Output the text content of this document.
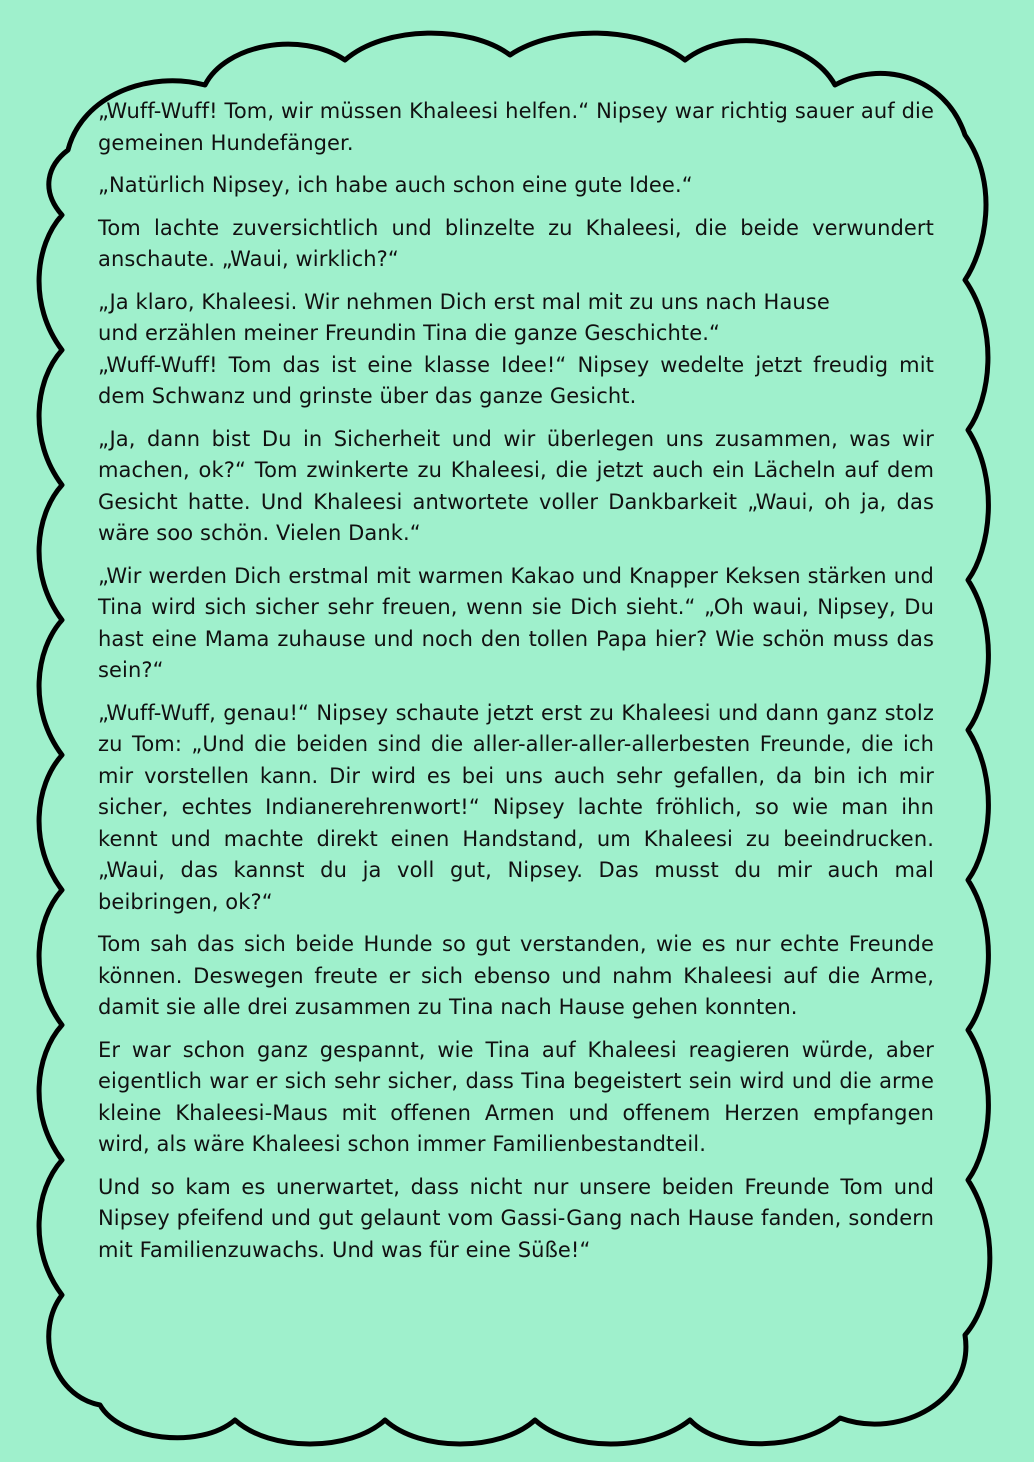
„Wuff-Wuff! Tom, wir müssen Khaleesi helfen.“ Nipsey war richtig sauer auf die gemeinen Hundefänger.

„Natürlich Nipsey, ich habe auch schon eine gute Idee.“

Tom lachte zuversichtlich und blinzelte zu Khaleesi, die beide verwundert anschaute. „Waui, wirklich?“

„Ja klaro, Khaleesi. Wir nehmen Dich erst mal mit zu uns nach Hause
und erzählen meiner Freundin Tina die ganze Geschichte.“
„Wuff-Wuff! Tom das ist eine klasse Idee!“ Nipsey wedelte jetzt freudig mit dem Schwanz und grinste über das ganze Gesicht.

„Ja, dann bist Du in Sicherheit und wir überlegen uns zusammen, was wir machen, ok?“ Tom zwinkerte zu Khaleesi, die jetzt auch ein Lächeln auf dem Gesicht hatte. Und Khaleesi antwortete voller Dankbarkeit „Waui, oh ja, das wäre soo schön. Vielen Dank.“

„Wir werden Dich erstmal mit warmen Kakao und Knapper Keksen stärken und Tina wird sich sicher sehr freuen, wenn sie Dich sieht.“ „Oh waui, Nipsey, Du hast eine Mama zuhause und noch den tollen Papa hier? Wie schön muss das sein?“

„Wuff-Wuff, genau!“ Nipsey schaute jetzt erst zu Khaleesi und dann ganz stolz zu Tom: „Und die beiden sind die aller-aller-aller-allerbesten Freunde, die ich mir vorstellen kann. Dir wird es bei uns auch sehr gefallen, da bin ich mir sicher, echtes Indianerehrenwort!“ Nipsey lachte fröhlich, so wie man ihn kennt und machte direkt einen Handstand, um Khaleesi zu beeindrucken. „Waui, das kannst du ja voll gut, Nipsey. Das musst du mir auch mal beibringen, ok?“

Tom sah das sich beide Hunde so gut verstanden, wie es nur echte Freunde können. Deswegen freute er sich ebenso und nahm Khaleesi auf die Arme, damit sie alle drei zusammen zu Tina nach Hause gehen konnten.

Er war schon ganz gespannt, wie Tina auf Khaleesi reagieren würde, aber eigentlich war er sich sehr sicher, dass Tina begeistert sein wird und die arme kleine Khaleesi-Maus mit offenen Armen und offenem Herzen empfangen wird, als wäre Khaleesi schon immer Familienbestandteil.

Und so kam es unerwartet, dass nicht nur unsere beiden Freunde Tom und Nipsey pfeifend und gut gelaunt vom Gassi-Gang nach Hause fanden, sondern mit Familienzuwachs. Und was für eine Süße!“
